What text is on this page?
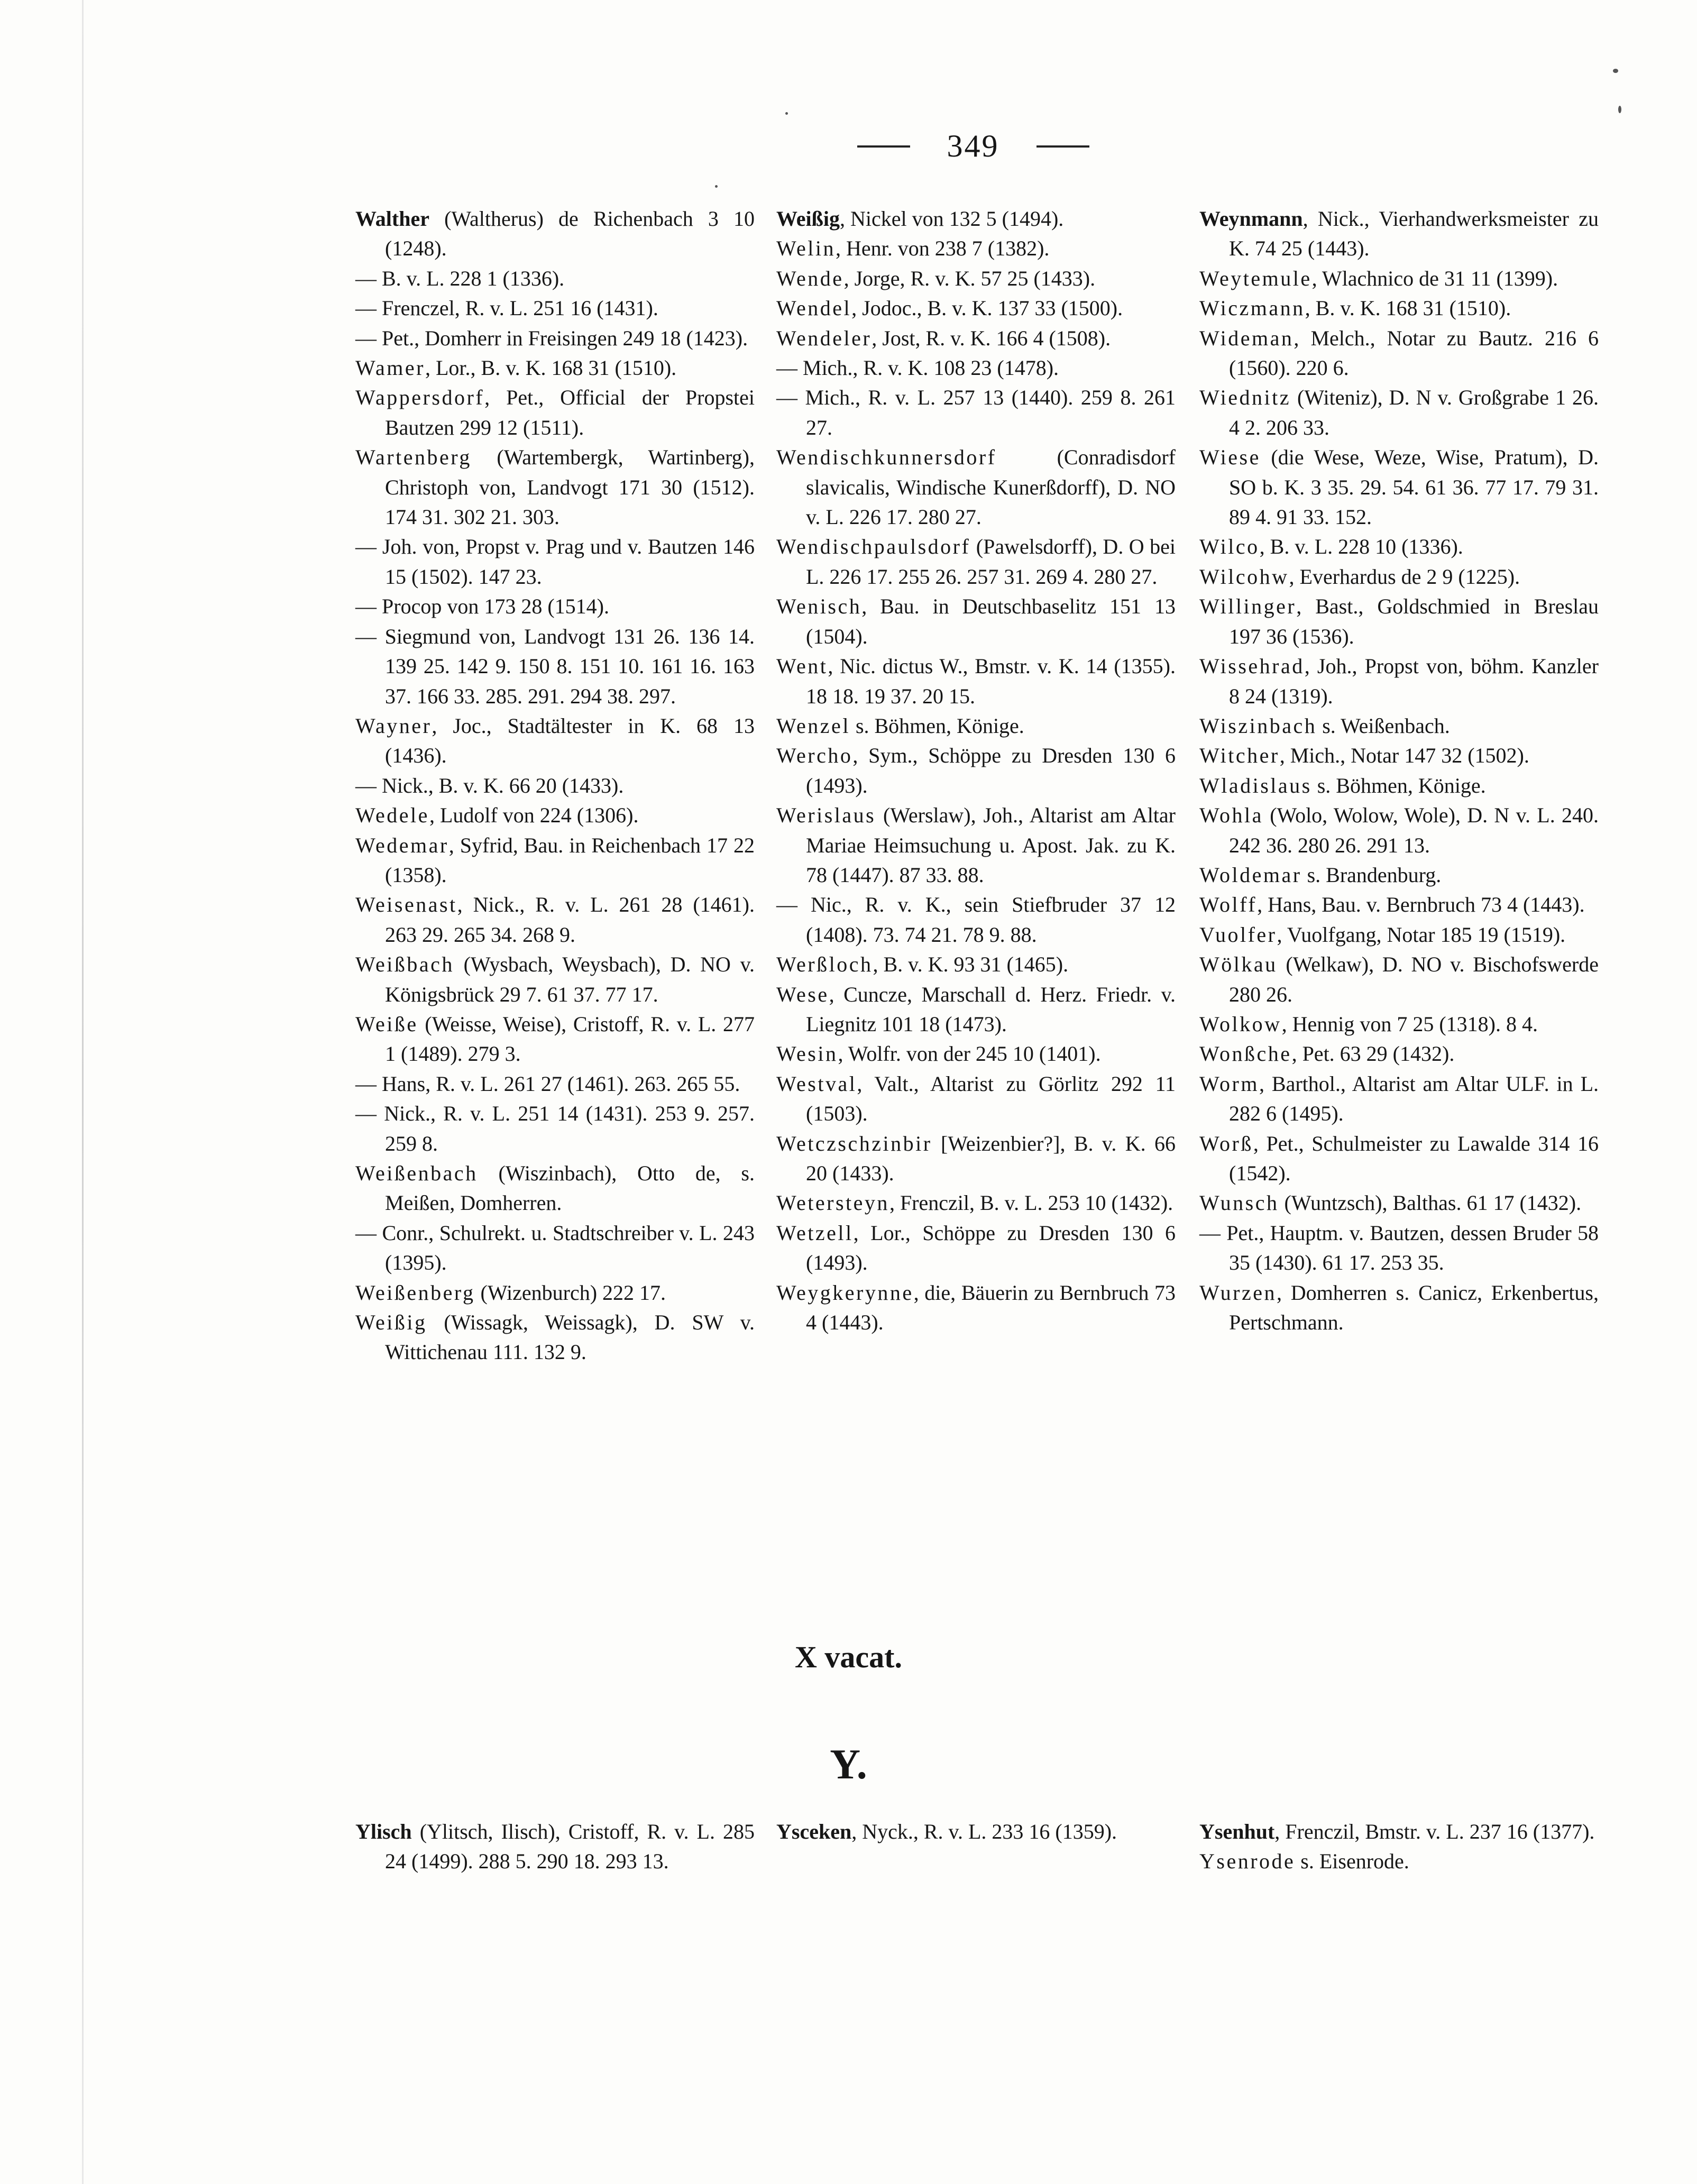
349

Walther (Waltherus) de Richenbach 3 10 (1248).

— B. v. L. 228 1 (1336).

— Frenczel, R. v. L. 251 16 (1431).

— Pet., Domherr in Freisingen 249 18 (1423).

Wamer, Lor., B. v. K. 168 31 (1510).

Wappersdorf, Pet., Official der Propstei Bautzen 299 12 (1511).

Wartenberg (Wartembergk, Wartinberg), Christoph von, Landvogt 171 30 (1512). 174 31. 302 21. 303.

— Joh. von, Propst v. Prag und v. Bautzen 146 15 (1502). 147 23.

— Procop von 173 28 (1514).

— Siegmund von, Landvogt 131 26. 136 14. 139 25. 142 9. 150 8. 151 10. 161 16. 163 37. 166 33. 285. 291. 294 38. 297.

Wayner, Joc., Stadtältester in K. 68 13 (1436).

— Nick., B. v. K. 66 20 (1433).

Wedele, Ludolf von 224 (1306).

Wedemar, Syfrid, Bau. in Reichenbach 17 22 (1358).

Weisenast, Nick., R. v. L. 261 28 (1461). 263 29. 265 34. 268 9.

Weißbach (Wysbach, Weysbach), D. NO v. Königsbrück 29 7. 61 37. 77 17.

Weiße (Weisse, Weise), Cristoff, R. v. L. 277 1 (1489). 279 3.

— Hans, R. v. L. 261 27 (1461). 263. 265 55.

— Nick., R. v. L. 251 14 (1431). 253 9. 257. 259 8.

Weißenbach (Wiszinbach), Otto de, s. Meißen, Domherren.

— Conr., Schulrekt. u. Stadtschreiber v. L. 243 (1395).

Weißenberg (Wizenburch) 222 17.

Weißig (Wissagk, Weissagk), D. SW v. Wittichenau 111. 132 9.

Weißig, Nickel von 132 5 (1494).

Welin, Henr. von 238 7 (1382).

Wende, Jorge, R. v. K. 57 25 (1433).

Wendel, Jodoc., B. v. K. 137 33 (1500).

Wendeler, Jost, R. v. K. 166 4 (1508).

— Mich., R. v. K. 108 23 (1478).

— Mich., R. v. L. 257 13 (1440). 259 8. 261 27.

Wendischkunnersdorf (Conradisdorf slavicalis, Windische Kunerßdorff), D. NO v. L. 226 17. 280 27.

Wendischpaulsdorf (Pawelsdorff), D. O bei L. 226 17. 255 26. 257 31. 269 4. 280 27.

Wenisch, Bau. in Deutschbaselitz 151 13 (1504).

Went, Nic. dictus W., Bmstr. v. K. 14 (1355). 18 18. 19 37. 20 15.

Wenzel s. Böhmen, Könige.

Wercho, Sym., Schöppe zu Dresden 130 6 (1493).

Werislaus (Werslaw), Joh., Altarist am Altar Mariae Heimsuchung u. Apost. Jak. zu K. 78 (1447). 87 33. 88.

— Nic., R. v. K., sein Stiefbruder 37 12 (1408). 73. 74 21. 78 9. 88.

Werßloch, B. v. K. 93 31 (1465).

Wese, Cuncze, Marschall d. Herz. Friedr. v. Liegnitz 101 18 (1473).

Wesin, Wolfr. von der 245 10 (1401).

Westval, Valt., Altarist zu Görlitz 292 11 (1503).

Wetczschzinbir [Weizenbier?], B. v. K. 66 20 (1433).

Wetersteyn, Frenczil, B. v. L. 253 10 (1432).

Wetzell, Lor., Schöppe zu Dresden 130 6 (1493).

Weygkerynne, die, Bäuerin zu Bernbruch 73 4 (1443).

Weynmann, Nick., Vierhandwerksmeister zu K. 74 25 (1443).

Weytemule, Wlachnico de 31 11 (1399).

Wiczmann, B. v. K. 168 31 (1510).

Wideman, Melch., Notar zu Bautz. 216 6 (1560). 220 6.

Wiednitz (Witeniz), D. N v. Großgrabe 1 26. 4 2. 206 33.

Wiese (die Wese, Weze, Wise, Pratum), D. SO b. K. 3 35. 29. 54. 61 36. 77 17. 79 31. 89 4. 91 33. 152.

Wilco, B. v. L. 228 10 (1336).

Wilcohw, Everhardus de 2 9 (1225).

Willinger, Bast., Goldschmied in Breslau 197 36 (1536).

Wissehrad, Joh., Propst von, böhm. Kanzler 8 24 (1319).

Wiszinbach s. Weißenbach.

Witcher, Mich., Notar 147 32 (1502).

Wladislaus s. Böhmen, Könige.

Wohla (Wolo, Wolow, Wole), D. N v. L. 240. 242 36. 280 26. 291 13.

Woldemar s. Brandenburg.

Wolff, Hans, Bau. v. Bernbruch 73 4 (1443).

Vuolfer, Vuolfgang, Notar 185 19 (1519).

Wölkau (Welkaw), D. NO v. Bischofswerde 280 26.

Wolkow, Hennig von 7 25 (1318). 8 4.

Wonßche, Pet. 63 29 (1432).

Worm, Barthol., Altarist am Altar ULF. in L. 282 6 (1495).

Worß, Pet., Schulmeister zu Lawalde 314 16 (1542).

Wunsch (Wuntzsch), Balthas. 61 17 (1432).

— Pet., Hauptm. v. Bautzen, dessen Bruder 58 35 (1430). 61 17. 253 35.

Wurzen, Domherren s. Canicz, Erkenbertus, Pertschmann.

X vacat.
Y.

Ylisch (Ylitsch, Ilisch), Cristoff, R. v. L. 285 24 (1499). 288 5. 290 18. 293 13.

Ysceken, Nyck., R. v. L. 233 16 (1359).	Ysenhut, Frenczil, Bmstr. v. L. 237 16 (1377).

Ysenrode s. Eisenrode.
